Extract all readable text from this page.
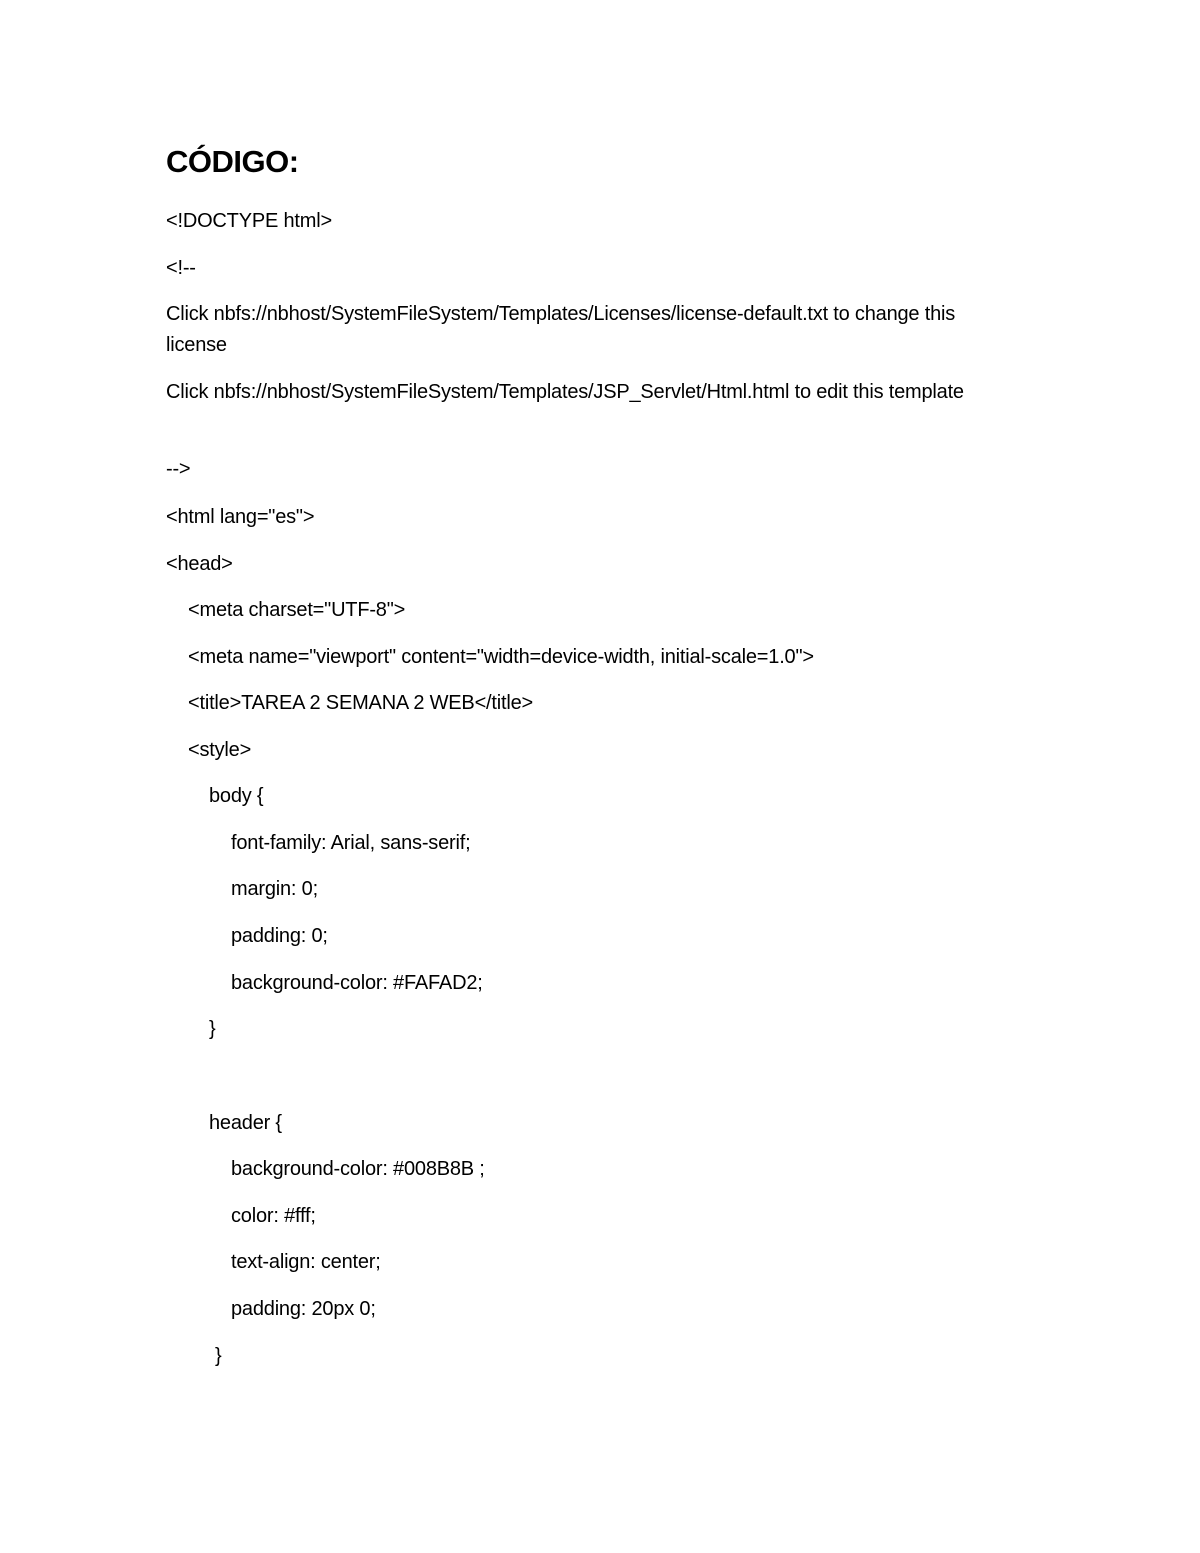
CÓDIGO:

<!DOCTYPE html>

<!--

Click nbfs://nbhost/SystemFileSystem/Templates/Licenses/license-default.txt to change this license

Click nbfs://nbhost/SystemFileSystem/Templates/JSP_Servlet/Html.html to edit this template

-->

<html lang="es">

<head>

<meta charset="UTF-8">

<meta name="viewport" content="width=device-width, initial-scale=1.0">

<title>TAREA 2 SEMANA 2 WEB</title>

<style>

body {

font-family: Arial, sans-serif;

margin: 0;

padding: 0;

background-color: #FAFAD2;

}

header {

background-color: #008B8B ;

color: #fff;

text-align: center;

padding: 20px 0;

}
